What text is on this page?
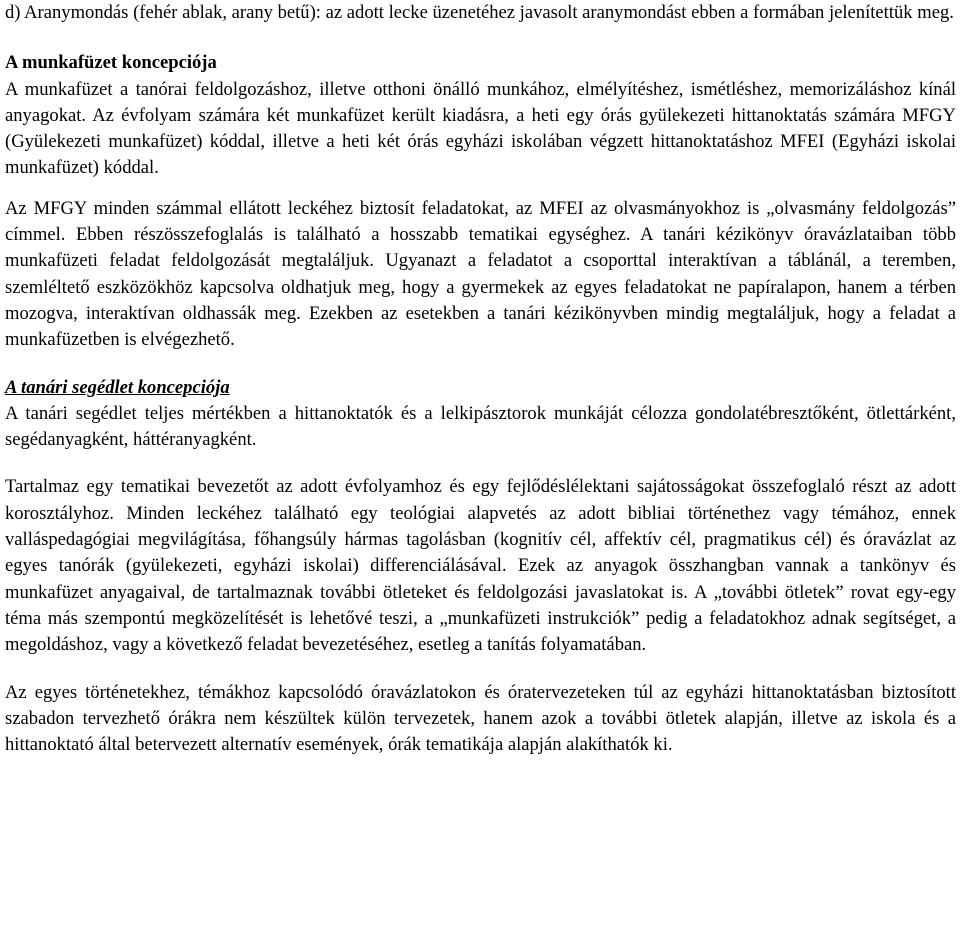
d) Aranymondás (fehér ablak, arany betű): az adott lecke üzenetéhez javasolt aranymondást ebben a formában jelenítettük meg.

A munkafüzet koncepciója

A munkafüzet a tanórai feldolgozáshoz, illetve otthoni önálló munkához, elmélyítéshez, ismétléshez, memorizáláshoz kínál anyagokat. Az évfolyam számára két munkafüzet került kiadásra, a heti egy órás gyülekezeti hittanoktatás számára MFGY (Gyülekezeti munkafüzet) kóddal, illetve a heti két órás egyházi iskolában végzett hittanoktatáshoz MFEI (Egyházi iskolai munkafüzet) kóddal.

Az MFGY minden számmal ellátott leckéhez biztosít feladatokat, az MFEI az olvasmányokhoz is „olvasmány feldolgozás” címmel. Ebben részösszefoglalás is található a hosszabb tematikai egységhez. A tanári kézikönyv óravázlataiban több munkafüzeti feladat feldolgozását megtaláljuk. Ugyanazt a feladatot a csoporttal interaktívan a táblánál, a teremben, szemléltető eszközökhöz kapcsolva oldhatjuk meg, hogy a gyermekek az egyes feladatokat ne papíralapon, hanem a térben mozogva, interaktívan oldhassák meg. Ezekben az esetekben a tanári kézikönyvben mindig megtaláljuk, hogy a feladat a munkafüzetben is elvégezhető.

A tanári segédlet koncepciója

A tanári segédlet teljes mértékben a hittanoktatók és a lelkipásztorok munkáját célozza gondolatébresztőként, ötlettárként, segédanyagként, háttéranyagként.

Tartalmaz egy tematikai bevezetőt az adott évfolyamhoz és egy fejlődéslélektani sajátosságokat összefoglaló részt az adott korosztályhoz. Minden leckéhez található egy teológiai alapvetés az adott bibliai történethez vagy témához, ennek valláspedagógiai megvilágítása, főhangsúly hármas tagolásban (kognitív cél, affektív cél, pragmatikus cél) és óravázlat az egyes tanórák (gyülekezeti, egyházi iskolai) differenciálásával. Ezek az anyagok összhangban vannak a tankönyv és munkafüzet anyagaival, de tartalmaznak további ötleteket és feldolgozási javaslatokat is. A „további ötletek” rovat egy-egy téma más szempontú megközelítését is lehetővé teszi, a „munkafüzeti instrukciók” pedig a feladatokhoz adnak segítséget, a megoldáshoz, vagy a következő feladat bevezetéséhez, esetleg a tanítás folyamatában.

Az egyes történetekhez, témákhoz kapcsolódó óravázlatokon és óratervezeteken túl az egyházi hittanoktatásban biztosított szabadon tervezhető órákra nem készültek külön tervezetek, hanem azok a további ötletek alapján, illetve az iskola és a hittanoktató által betervezett alternatív események, órák tematikája alapján alakíthatók ki.
